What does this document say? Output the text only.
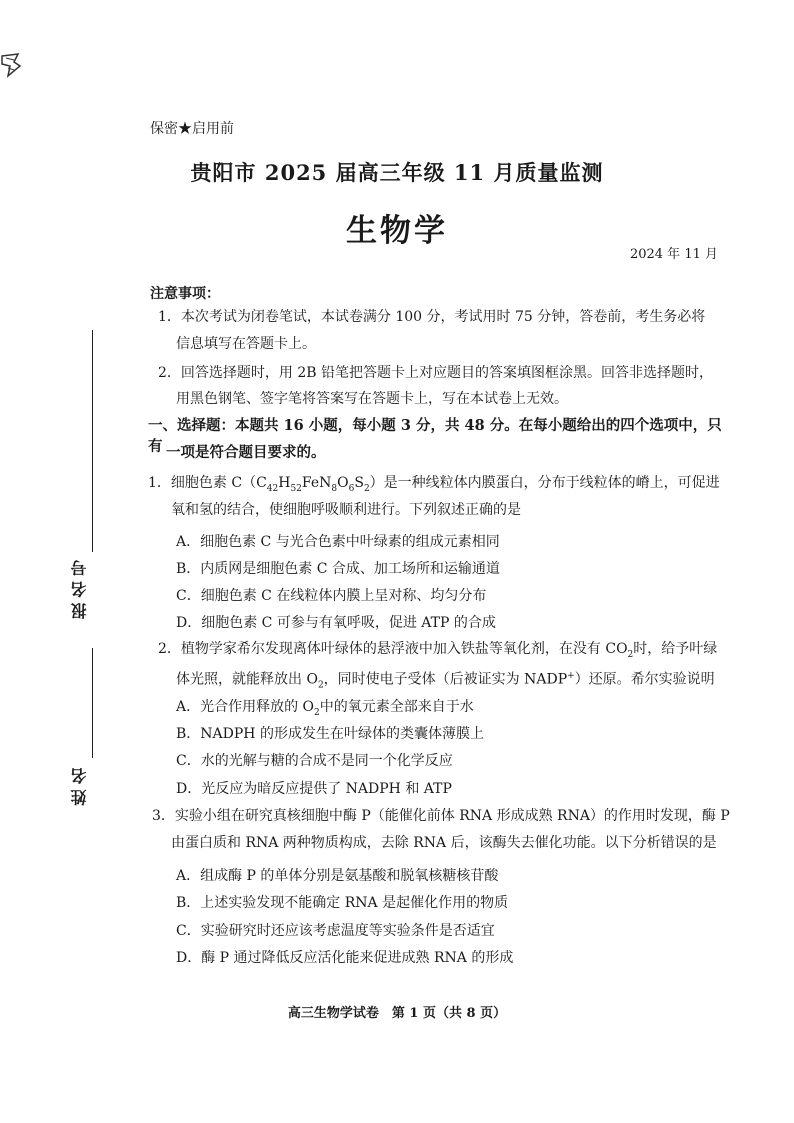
报 名 号
姓 名
保密★启用前
贵阳市 2025 届高三年级 11 月质量监测
生物学
2024 年 11 月
注意事项：
1．本次考试为闭卷笔试，本试卷满分 100 分，考试用时 75 分钟，答卷前，考生务必将
信息填写在答题卡上。
2．回答选择题时，用 2B 铅笔把答题卡上对应题目的答案填图框涂黑。回答非选择题时，
用黑色钢笔、签字笔将答案写在答题卡上，写在本试卷上无效。
一、选择题：本题共 16 小题，每小题 3 分，共 48 分。在每小题给出的四个选项中，只有 一项是符合题目要求的。
1．细胞色素 $C(C_{42}H_{52}FeN_8O_6S_2)$是一种线粒体内膜蛋白，分布于线粒体的嵴上，可促进
氧和氢的结合，使细胞呼吸顺利进行。下列叙述正确的是
A．细胞色素 C 与光合色素中叶绿素的组成元素相同
B．内质网是细胞色素 C 合成、加工场所和运输通道
C．细胞色素 C 在线粒体内膜上呈对称、均匀分布
D．细胞色素 C 可参与有氧呼吸，促进 ATP 的合成
2．植物学家希尔发现离体叶绿体的悬浮液中加入铁盐等氧化剂，在没有 $CO_2$时，给予叶绿
体光照，就能释放出 $O_2$，同时使电子受体（后被证实为 NADP+）还原。希尔实验说明
A．光合作用释放的 $O_2$中的氧元素全部来自于水
B．NADPH 的形成发生在叶绿体的类囊体薄膜上
C．水的光解与糖的合成不是同一个化学反应
D．光反应为暗反应提供了 NADPH 和 ATP
3．实验小组在研究真核细胞中酶 P（能催化前体 RNA 形成成熟 RNA）的作用时发现，酶 P
由蛋白质和 RNA 两种物质构成，去除 RNA 后，该酶失去催化功能。以下分析错误的是
A．组成酶 P 的单体分别是氨基酸和脱氧核糖核苷酸
B．上述实验发现不能确定 RNA 是起催化作用的物质
C．实验研究时还应该考虑温度等实验条件是否适宜
D．酶 P 通过降低反应活化能来促进成熟 RNA 的形成
高三生物学试卷　第 1 页（共 8 页）
